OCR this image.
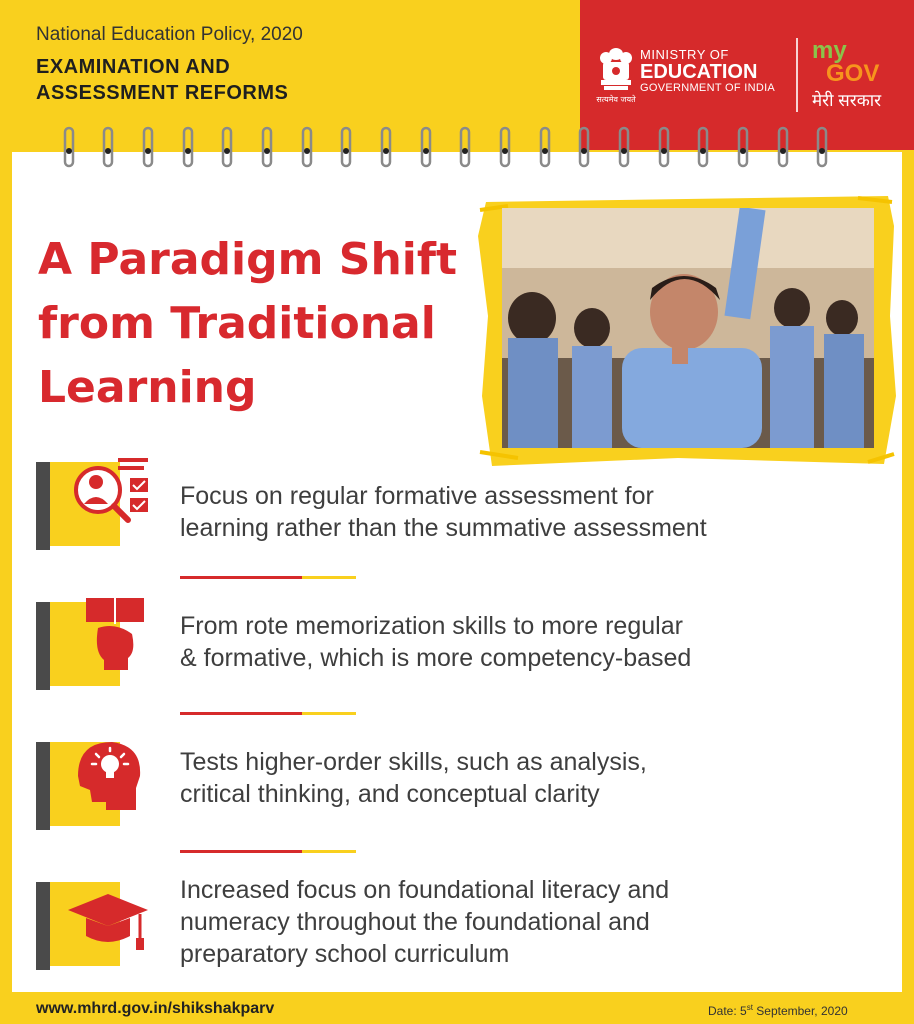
National Education Policy, 2020
EXAMINATION AND
ASSESSMENT REFORMS	सत्यमेव जयते
MINISTRY OF
EDUCATION
GOVERNMENT OF INDIA
my
GOV
मेरी सरकार
A Paradigm Shift
from Traditional
Learning
Focus on regular formative assessment for
learning rather than the summative assessment
From rote memorization skills to more regular
& formative, which is more competency-based
Tests higher-order skills, such as analysis,
critical thinking, and conceptual clarity
Increased focus on foundational literacy and
numeracy throughout the foundational and
preparatory school curriculum
www.mhrd.gov.in/shikshakparv	Date: 5st September, 2020
